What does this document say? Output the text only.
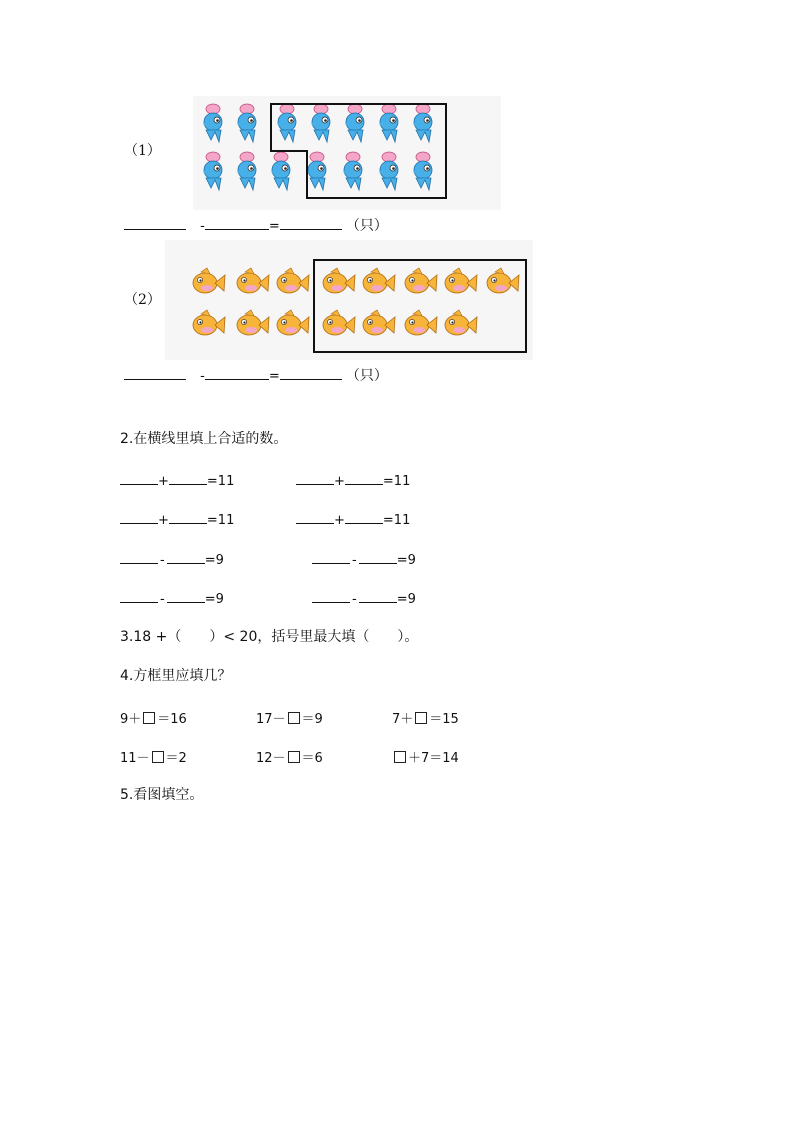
（1）
-	=	（只）
（2）
-	=	（只）
2.在横线里填上合适的数。
+	=11	+	=11
+	=11	+	=11
-	=9	-	=9
-	=9	-	=9
3.18 +（ ）< 20，括号里最大填（ ）。
4.方框里应填几？
9＋ ＝16	17－ ＝9	7＋ ＝15
11－ ＝2	12－ ＝6	＋7＝14
5.看图填空。
